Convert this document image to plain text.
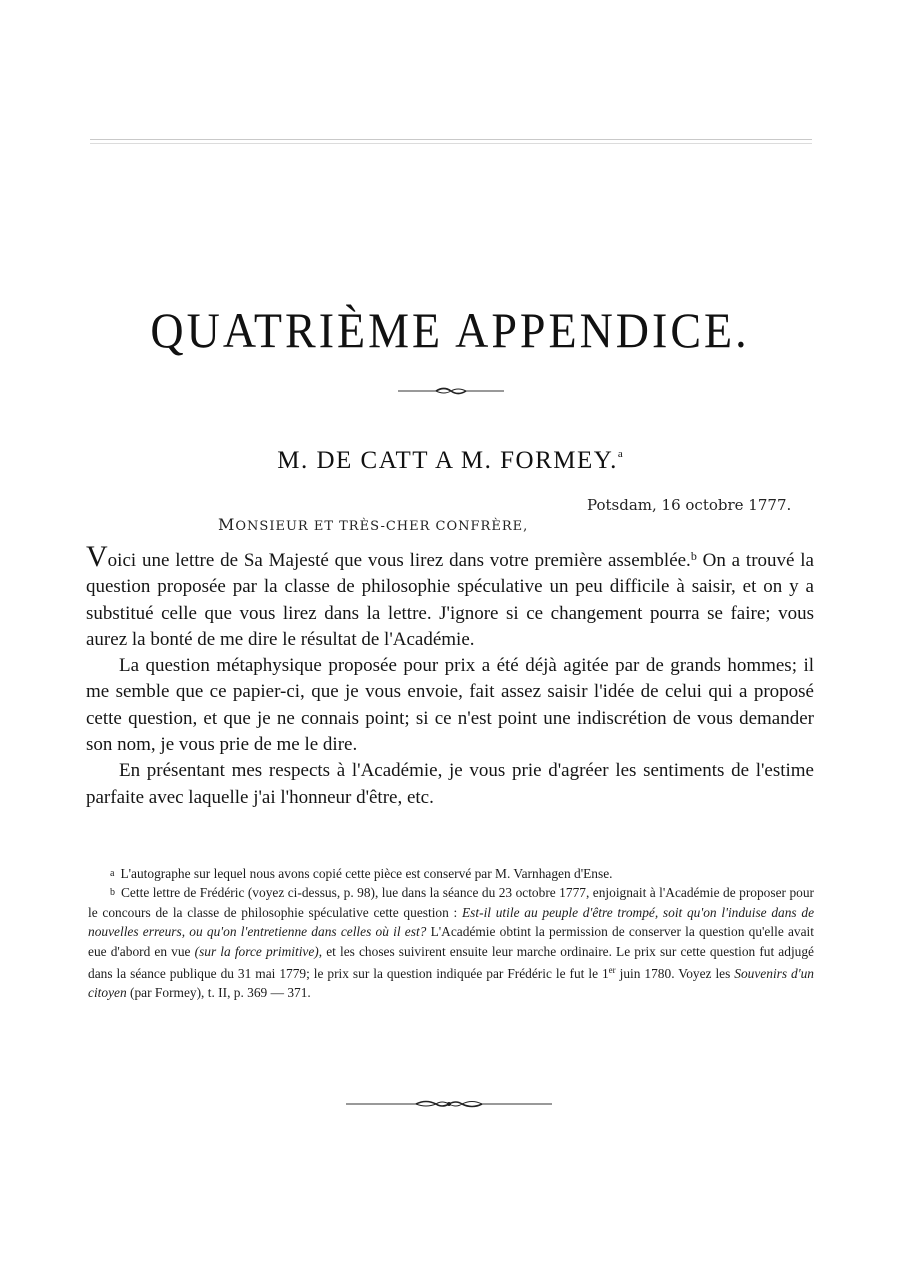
QUATRIÈME APPENDICE.
M. DE CATT A M. FORMEY.$^a$
Potsdam, 16 octobre 1777.
MONSIEUR ET TRÈS-CHER CONFRÈRE,

Voici une lettre de Sa Majesté que vous lirez dans votre première assemblée.$^b$ On a trouvé la question proposée par la classe de philosophie spéculative un peu difficile à saisir, et on y a substitué celle que vous lirez dans la lettre. J'ignore si ce changement pourra se faire; vous aurez la bonté de me dire le résultat de l'Académie.

La question métaphysique proposée pour prix a été déjà agitée par de grands hommes; il me semble que ce papier-ci, que je vous envoie, fait assez saisir l'idée de celui qui a proposé cette question, et que je ne connais point; si ce n'est point une indiscrétion de vous demander son nom, je vous prie de me le dire.

En présentant mes respects à l'Académie, je vous prie d'agréer les sentiments de l'estime parfaite avec laquelle j'ai l'honneur d'être, etc.

a L'autographe sur lequel nous avons copié cette pièce est conservé par M. Varnhagen d'Ense.

b Cette lettre de Frédéric (voyez ci-dessus, p. 98), lue dans la séance du 23 octobre 1777, enjoignait à l'Académie de proposer pour le concours de la classe de philosophie spéculative cette question : Est-il utile au peuple d'être trompé, soit qu'on l'induise dans de nouvelles erreurs, ou qu'on l'entretienne dans celles où il est? L'Académie obtint la permission de conserver la question qu'elle avait eue d'abord en vue (sur la force primitive), et les choses suivirent ensuite leur marche ordinaire. Le prix sur cette question fut adjugé dans la séance publique du 31 mai 1779; le prix sur la question indiquée par Frédéric le fut le 1er juin 1780. Voyez les Souvenirs d'un citoyen (par Formey), t. II, p. 369 — 371.
